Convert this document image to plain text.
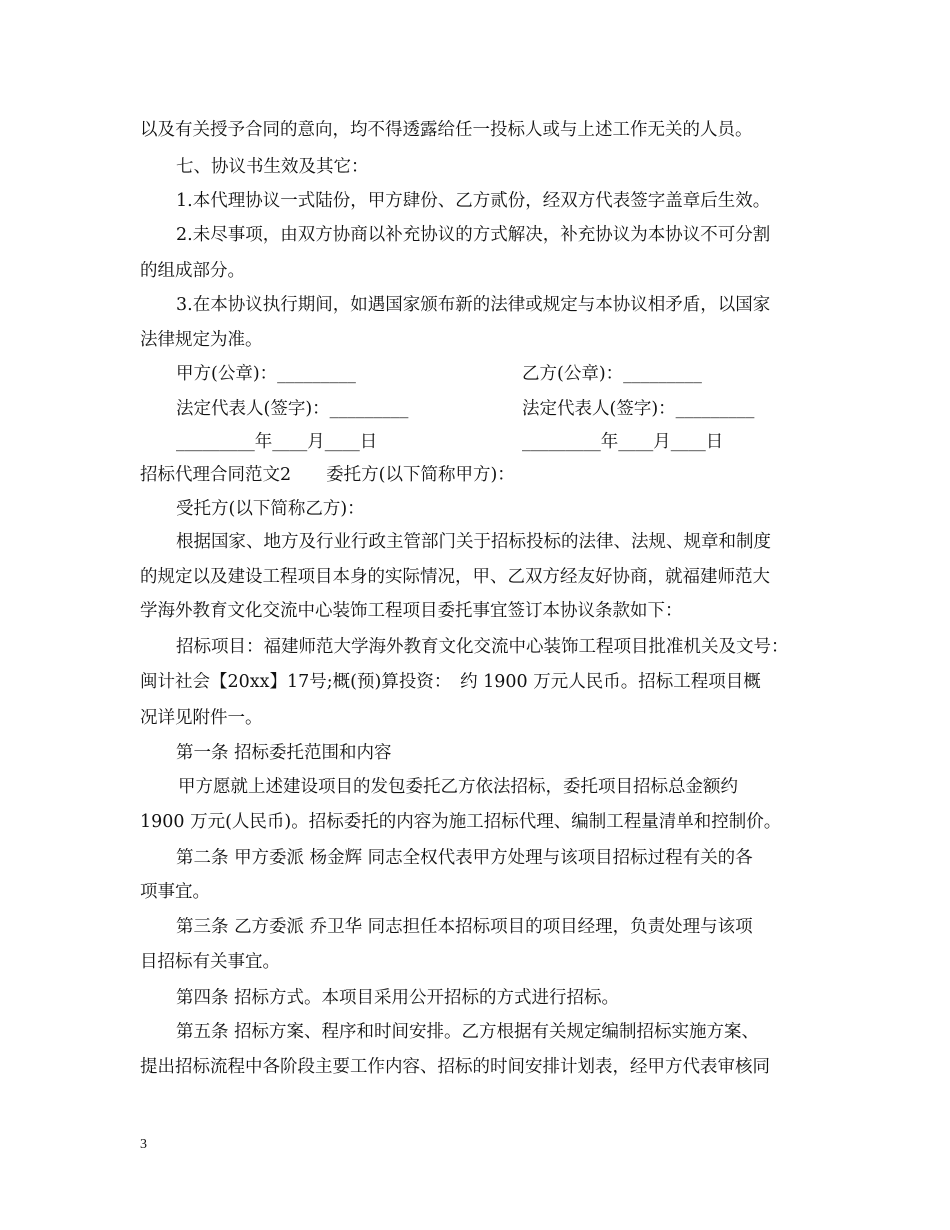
以及有关授予合同的意向，均不得透露给任一投标人或与上述工作无关的人员。
七、协议书生效及其它：
1.本代理协议一式陆份，甲方肆份、乙方贰份，经双方代表签字盖章后生效。
2.未尽事项，由双方协商以补充协议的方式解决，补充协议为本协议不可分割
的组成部分。
3.在本协议执行期间，如遇国家颁布新的法律或规定与本协议相矛盾，以国家
法律规定为准。
甲方(公章)：_________	乙方(公章)：_________
法定代表人(签字)：_________	法定代表人(签字)：_________
_________年____月____日	_________年____月____日
招标代理合同范文2　　委托方(以下简称甲方)：
受托方(以下简称乙方)：
根据国家、地方及行业行政主管部门关于招标投标的法律、法规、规章和制度
的规定以及建设工程项目本身的实际情况，甲、乙双方经友好协商，就福建师范大
学海外教育文化交流中心装饰工程项目委托事宜签订本协议条款如下：
招标项目：福建师范大学海外教育文化交流中心装饰工程项目批准机关及文号：
闽计社会【20xx】17号;概(预)算投资：　约 1900 万元人民币。招标工程项目概
况详见附件一。
第一条 招标委托范围和内容
甲方愿就上述建设项目的发包委托乙方依法招标，委托项目招标总金额约
1900 万元(人民币)。招标委托的内容为施工招标代理、编制工程量清单和控制价。
第二条 甲方委派 杨金辉 同志全权代表甲方处理与该项目招标过程有关的各
项事宜。
第三条 乙方委派 乔卫华 同志担任本招标项目的项目经理，负责处理与该项
目招标有关事宜。
第四条 招标方式。本项目采用公开招标的方式进行招标。
第五条 招标方案、程序和时间安排。乙方根据有关规定编制招标实施方案、
提出招标流程中各阶段主要工作内容、招标的时间安排计划表，经甲方代表审核同
3
